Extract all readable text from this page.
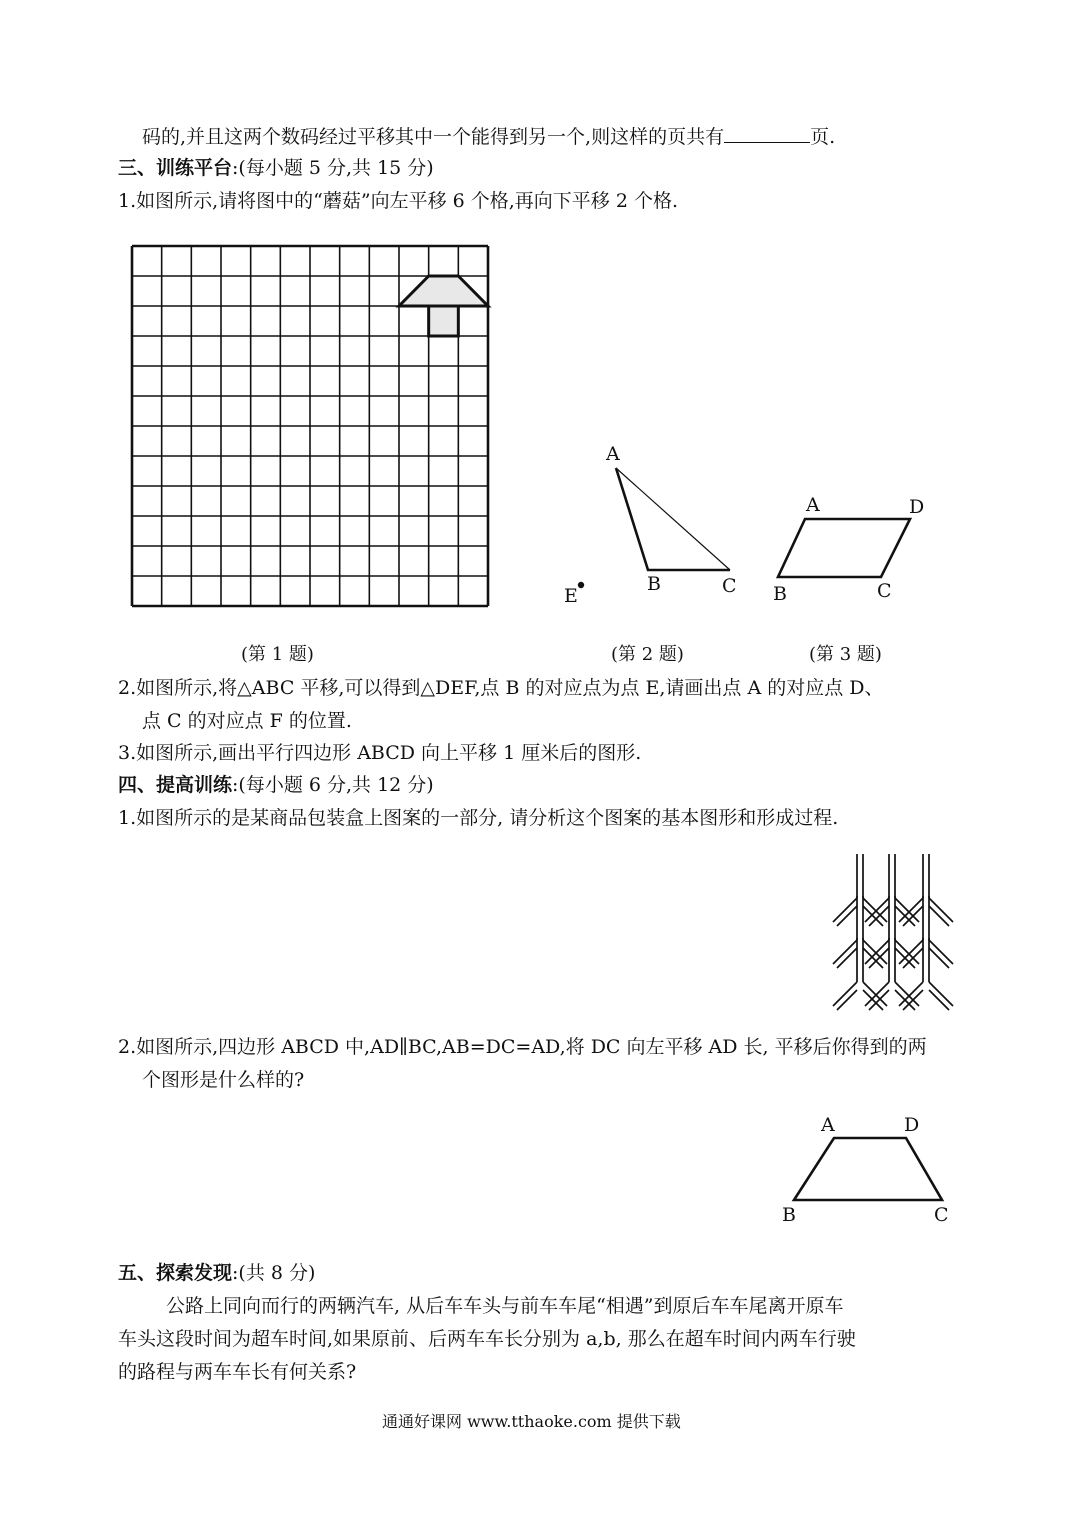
码的,并且这两个数码经过平移其中一个能得到另一个,则这样的页共有	页.
三、训练平台:(每小题 5 分,共 15 分)
1.如图所示,请将图中的“蘑菇”向左平移 6 个格,再向下平移 2 个格.
A
B	C
E
A	D
B	C
(第 1 题)	(第 2 题)	(第 3 题)
2.如图所示,将△ABC 平移,可以得到△DEF,点 B 的对应点为点 E,请画出点 A 的对应点 D、
点 C 的对应点 F 的位置.
3.如图所示,画出平行四边形 ABCD 向上平移 1 厘米后的图形.
四、提高训练:(每小题 6 分,共 12 分)
1.如图所示的是某商品包装盒上图案的一部分, 请分析这个图案的基本图形和形成过程.
2.如图所示,四边形 ABCD 中,AD∥BC,AB=DC=AD,将 DC 向左平移 AD 长, 平移后你得到的两
个图形是什么样的?
A	D
B	C
五、探索发现:(共 8 分)
公路上同向而行的两辆汽车, 从后车车头与前车车尾“相遇”到原后车车尾离开原车
车头这段时间为超车时间,如果原前、后两车车长分别为 a,b, 那么在超车时间内两车行驶
的路程与两车车长有何关系?
通通好课网 www.tthaoke.com 提供下载
